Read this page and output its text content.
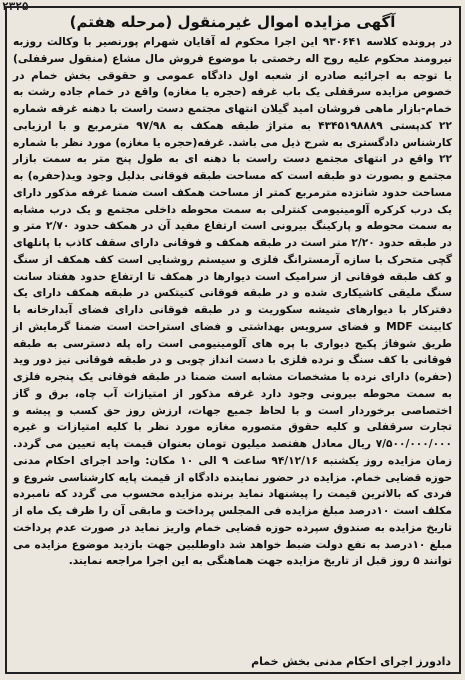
۲۳۲۵
آگهی مزایده اموال غیرمنقول (مرحله هفتم)
در پرونده کلاسه ۹۳۰۶۴۱ این اجرا محکوم له آقایان شهرام پورنصیر با وکالت روزبه نیرومند محکوم علیه روح اله رخصتی با موضوع فروش مال مشاع (منقول سرقفلی) با توجه به اجرائیه صادره از شعبه اول دادگاه عمومی و حقوقی بخش خمام در خصوص مزایده سرقفلی یک باب غرفه (حجره یا مغازه) واقع در خمام جاده رشت به خمام-بازار ماهی فروشان امید گیلان انتهای مجتمع دست راست با دهنه غرفه شماره ۲۲ کدپستی ۴۳۴۵۱۹۸۸۸۹ به متراژ طبقه همکف به ۹۷/۹۸ مترمربع و با ارزیابی کارشناس دادگستری به شرح ذیل می باشد. غرفه(حجره یا مغازه) مورد نظر با شماره ۲۲ واقع در انتهای مجتمع دست راست با دهنه ای به طول پنج متر به سمت بازار مجتمع و بصورت دو طبقه است که مساحت طبقه فوقانی بدلیل وجود وید(حفره) به مساحت حدود شانزده مترمربع کمتر از مساحت همکف است ضمنا غرفه مذکور دارای یک درب کرکره آلومینیومی کنترلی به سمت محوطه داخلی مجتمع و یک درب مشابه به سمت محوطه و پارکینگ بیرونی است ارتفاع مفید آن در همکف حدود ۲/۷۰ متر و در طبقه حدود ۲/۲۰ متر است در طبقه همکف و فوقانی دارای سقف کاذب با پانلهای گچی متحرک با سازه آرمسترانگ فلزی و سیستم روشنایی است کف همکف از سنگ و کف طبقه فوقانی از سرامیک است دیوارها در همکف تا ارتفاع حدود هفتاد سانت سنگ ملیقی کاشیکاری شده و در طبقه فوقانی کنیتکس در طبقه همکف دارای یک دفترکار با دیوارهای شیشه سکوریت و در طبقه فوقانی دارای فضای آبدارخانه با کابینت MDF و فضای سرویس بهداشتی و فضای استراحت است ضمنا گرمایش از طریق شوفاژ پکیج دیواری با پره های آلومینیومی است راه پله دسترسی به طبقه فوقانی با کف سنگ و نرده فلزی با دست انداز چوبی و در طبقه فوقانی نیز دور وید (حفره) دارای نرده با مشخصات مشابه است ضمنا در طبقه فوقانی یک پنجره فلزی به سمت محوطه بیرونی وجود دارد غرفه مذکور از امتیازات آب چاه، برق و گاز اختصاصی برخوردار است و با لحاظ جمیع جهات، ارزش روز حق کسب و پیشه و تجارت سرقفلی و کلیه حقوق متصوره مغازه مورد نظر با کلیه امتیازات و غیره ۷/۵۰۰/۰۰۰/۰۰۰ ریال معادل هفتصد میلیون تومان بعنوان قیمت پایه تعیین می گردد. زمان مزایده روز یکشنبه ۹۴/۱۲/۱۶ ساعت ۹ الی ۱۰ مکان: واحد اجرای احکام مدنی حوزه قضایی خمام. مزایده در حضور نماینده دادگاه از قیمت پایه کارشناسی شروع و فردی که بالاترین قیمت را پیشنهاد نماید برنده مزایده محسوب می گردد که نامبرده مکلف است ۱۰درصد مبلغ مزایده فی المجلس پرداخت و مابقی آن را ظرف یک ماه از تاریخ مزایده به صندوق سپرده حوزه قضایی خمام واریز نماید در صورت عدم پرداخت مبلغ ۱۰درصد به نفع دولت ضبط خواهد شد داوطلبین جهت بازدید موضوع مزایده می توانند ۵ روز قبل از تاریخ مزایده جهت هماهنگی به این اجرا مراجعه نمایند.
دادورز اجرای احکام مدنی بخش خمام
